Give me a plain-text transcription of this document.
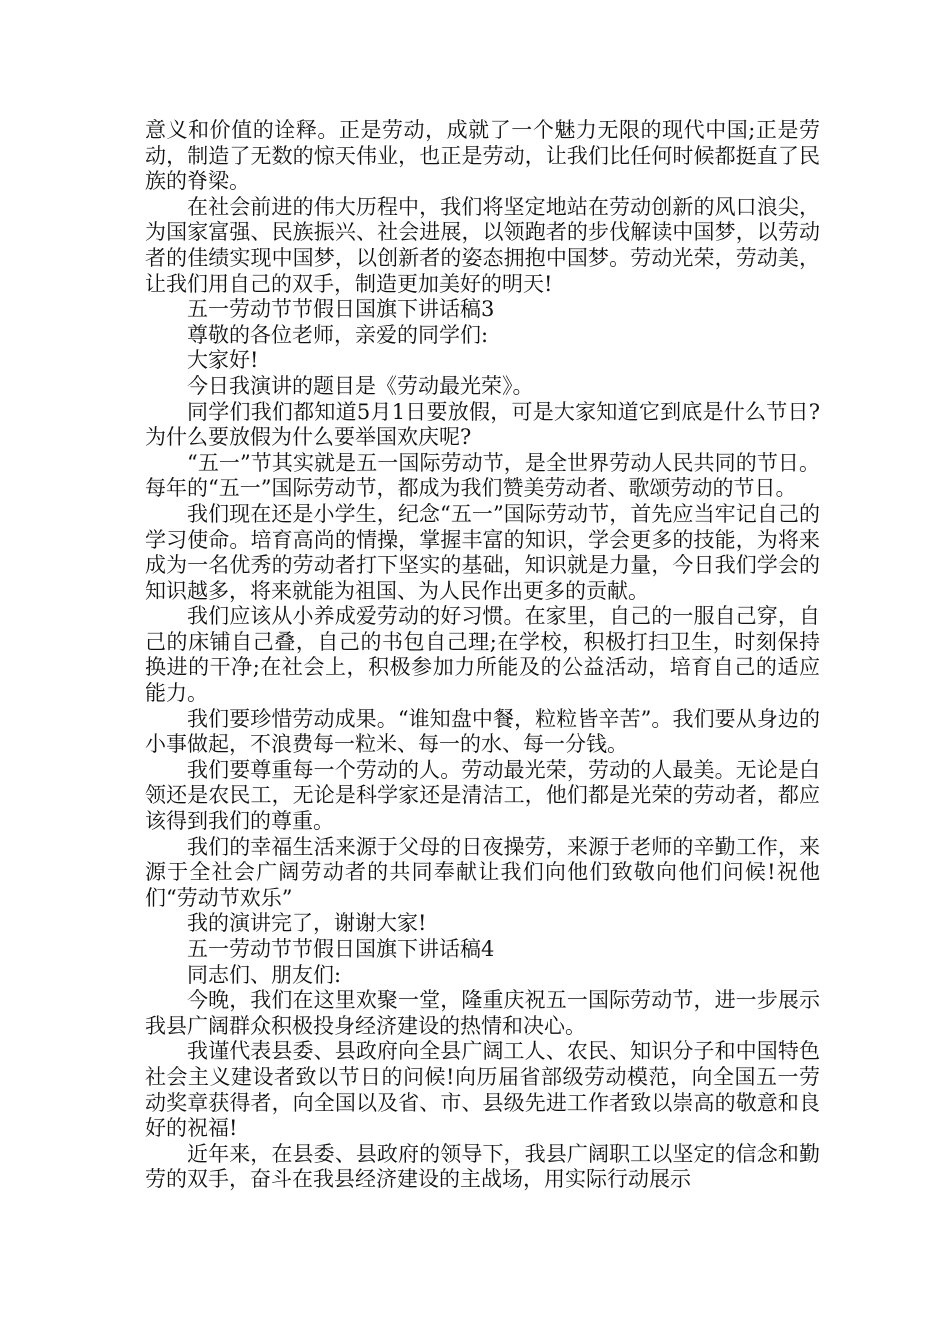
意义和价值的诠释。正是劳动，成就了一个魅力无限的现代中国;正是劳动，制造了无数的惊天伟业，也正是劳动，让我们比任何时候都挺直了民族的脊梁。

在社会前进的伟大历程中，我们将坚定地站在劳动创新的风口浪尖，为国家富强、民族振兴、社会进展，以领跑者的步伐解读中国梦，以劳动者的佳绩实现中国梦，以创新者的姿态拥抱中国梦。劳动光荣，劳动美，让我们用自己的双手，制造更加美好的明天!

五一劳动节节假日国旗下讲话稿3

尊敬的各位老师，亲爱的同学们:

大家好!

今日我演讲的题目是《劳动最光荣》。

同学们我们都知道5月1日要放假，可是大家知道它到底是什么节日?为什么要放假为什么要举国欢庆呢?

“五一”节其实就是五一国际劳动节，是全世界劳动人民共同的节日。每年的“五一”国际劳动节，都成为我们赞美劳动者、歌颂劳动的节日。

我们现在还是小学生，纪念“五一”国际劳动节，首先应当牢记自己的学习使命。培育高尚的情操，掌握丰富的知识，学会更多的技能，为将来成为一名优秀的劳动者打下坚实的基础，知识就是力量，今日我们学会的知识越多，将来就能为祖国、为人民作出更多的贡献。

我们应该从小养成爱劳动的好习惯。在家里，自己的一服自己穿，自己的床铺自己叠，自己的书包自己理;在学校，积极打扫卫生，时刻保持换进的干净;在社会上，积极参加力所能及的公益活动，培育自己的适应能力。

我们要珍惜劳动成果。“谁知盘中餐，粒粒皆辛苦”。我们要从身边的小事做起，不浪费每一粒米、每一的水、每一分钱。

我们要尊重每一个劳动的人。劳动最光荣，劳动的人最美。无论是白领还是农民工，无论是科学家还是清洁工，他们都是光荣的劳动者，都应该得到我们的尊重。

我们的幸福生活来源于父母的日夜操劳，来源于老师的辛勤工作，来源于全社会广阔劳动者的共同奉献让我们向他们致敬向他们问候!祝他们“劳动节欢乐”

我的演讲完了，谢谢大家!

五一劳动节节假日国旗下讲话稿4

同志们、朋友们:

今晚，我们在这里欢聚一堂，隆重庆祝五一国际劳动节，进一步展示我县广阔群众积极投身经济建设的热情和决心。

我谨代表县委、县政府向全县广阔工人、农民、知识分子和中国特色社会主义建设者致以节日的问候!向历届省部级劳动模范，向全国五一劳动奖章获得者，向全国以及省、市、县级先进工作者致以崇高的敬意和良好的祝福!

近年来，在县委、县政府的领导下，我县广阔职工以坚定的信念和勤劳的双手，奋斗在我县经济建设的主战场，用实际行动展示
